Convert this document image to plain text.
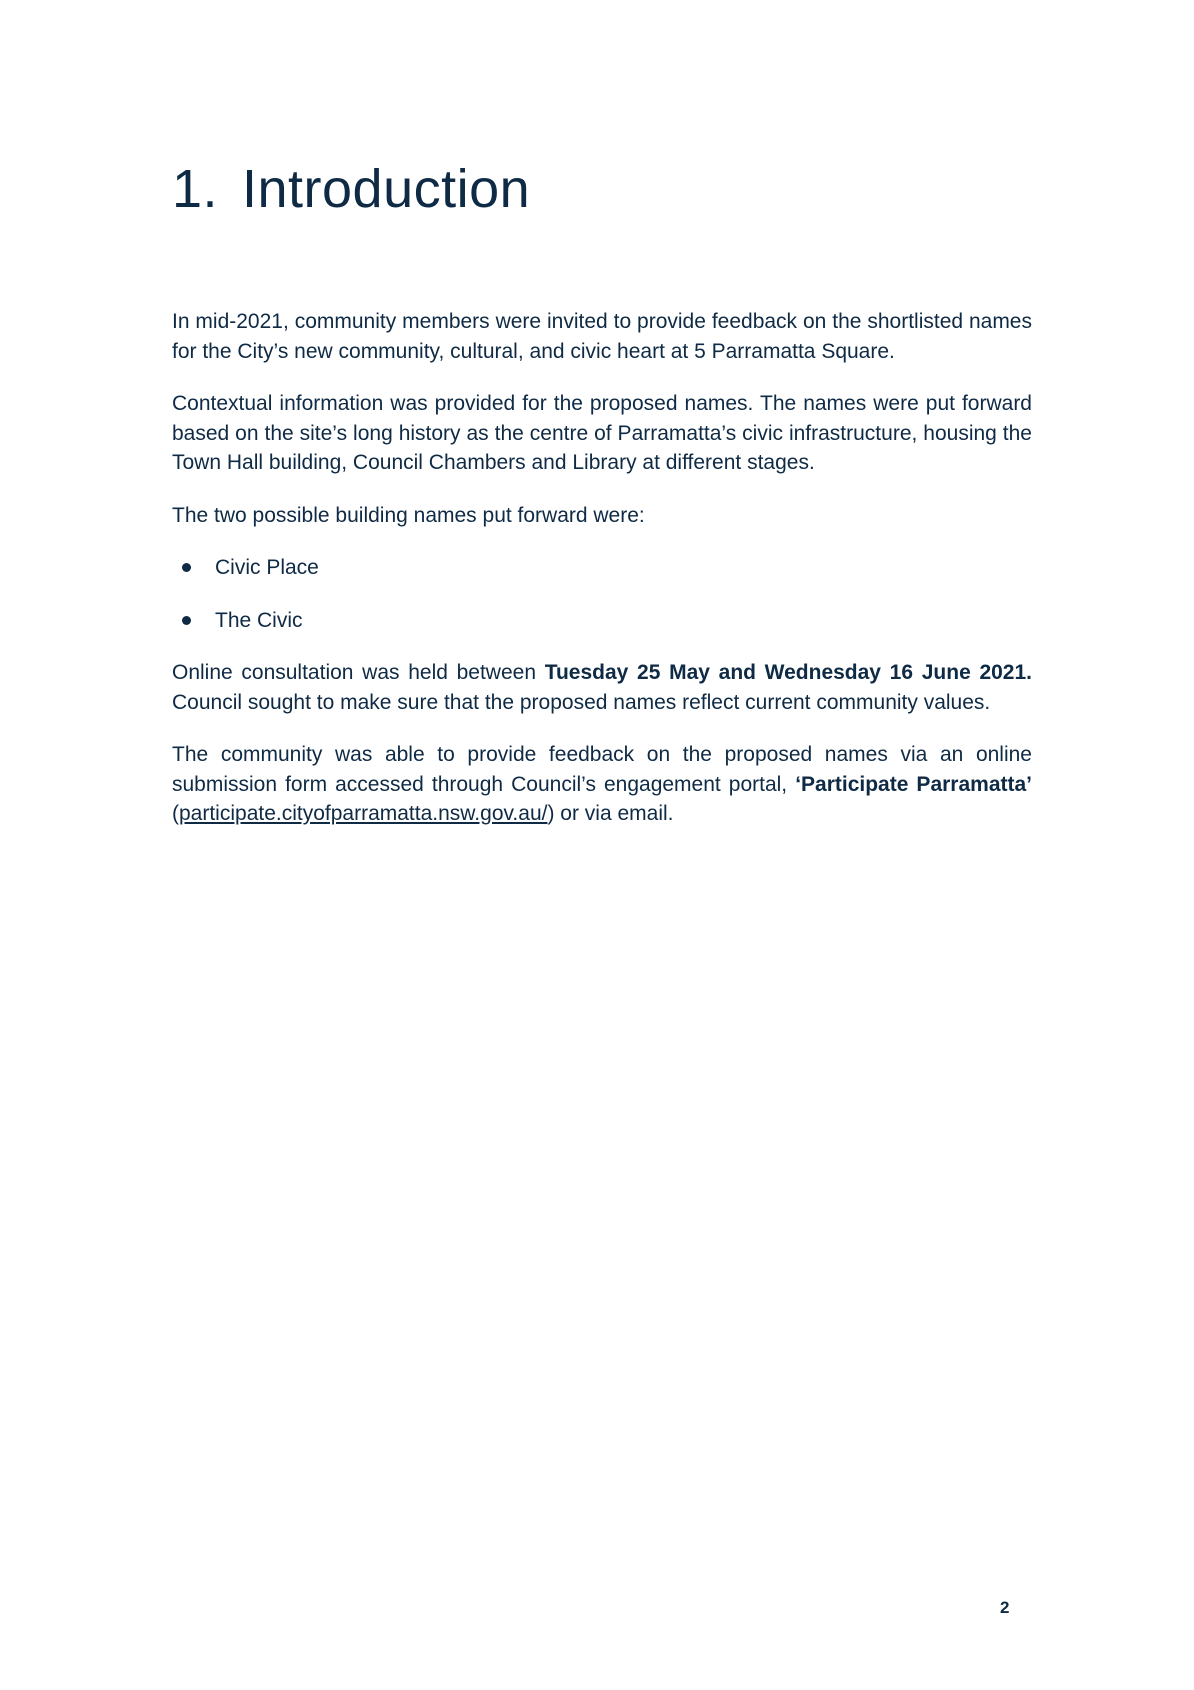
1. Introduction

In mid-2021, community members were invited to provide feedback on the shortlisted names for the City’s new community, cultural, and civic heart at 5 Parramatta Square.

Contextual information was provided for the proposed names. The names were put forward based on the site’s long history as the centre of Parramatta’s civic infrastructure, housing the Town Hall building, Council Chambers and Library at different stages.

The two possible building names put forward were:

Civic Place
The Civic

Online consultation was held between Tuesday 25 May and Wednesday 16 June 2021. Council sought to make sure that the proposed names reflect current community values.

The community was able to provide feedback on the proposed names via an online submission form accessed through Council’s engagement portal, ‘Participate Parramatta’ (participate.cityofparramatta.nsw.gov.au/) or via email.

2
